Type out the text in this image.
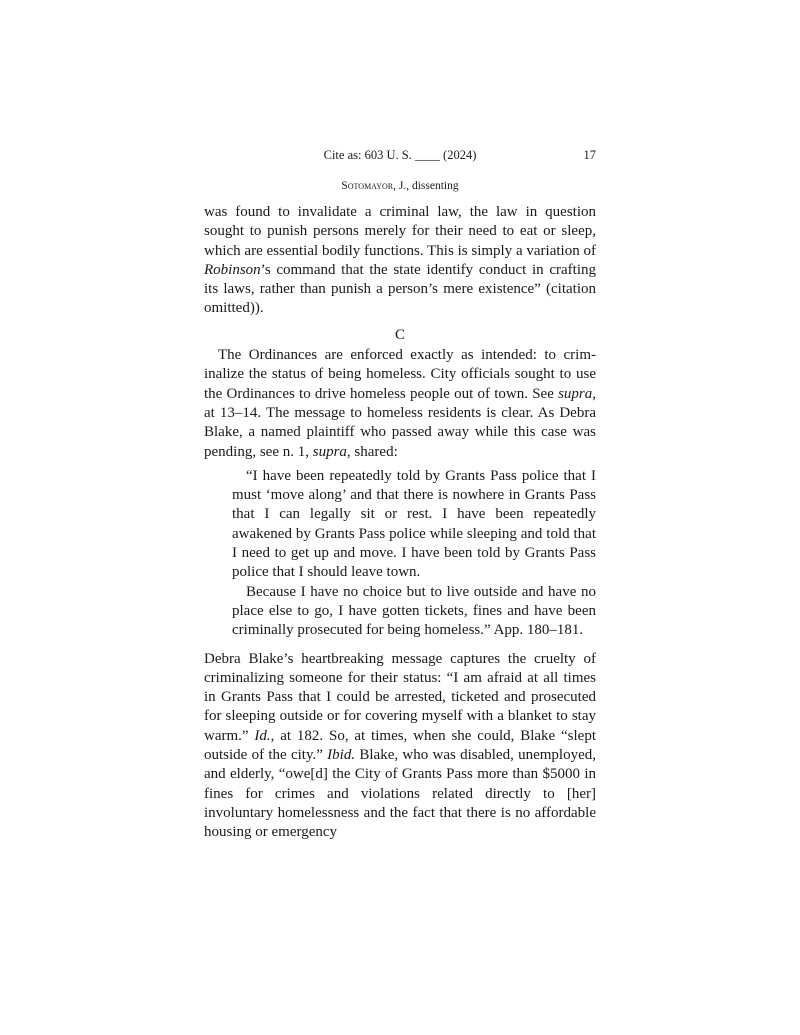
Cite as: 603 U. S. ____ (2024)	17
Sotomayor, J., dissenting

was found to invalidate a criminal law, the law in question sought to punish persons merely for their need to eat or sleep, which are essential bodily functions. This is simply a variation of Robinson’s command that the state identify conduct in crafting its laws, rather than punish a person’s mere existence” (citation omitted)).

C

The Ordinances are enforced exactly as intended: to criminalize the status of being homeless. City officials sought to use the Ordinances to drive homeless people out of town. See supra, at 13–14. The message to homeless residents is clear. As Debra Blake, a named plaintiff who passed away while this case was pending, see n. 1, supra, shared:

“I have been repeatedly told by Grants Pass police that I must ‘move along’ and that there is nowhere in Grants Pass that I can legally sit or rest. I have been repeatedly awakened by Grants Pass police while sleeping and told that I need to get up and move. I have been told by Grants Pass police that I should leave town.

Because I have no choice but to live outside and have no place else to go, I have gotten tickets, fines and have been criminally prosecuted for being homeless.” App. 180–181.

Debra Blake’s heartbreaking message captures the cruelty of criminalizing someone for their status: “I am afraid at all times in Grants Pass that I could be arrested, ticketed and prosecuted for sleeping outside or for covering myself with a blanket to stay warm.” Id., at 182. So, at times, when she could, Blake “slept outside of the city.” Ibid. Blake, who was disabled, unemployed, and elderly, “owe[d] the City of Grants Pass more than $5000 in fines for crimes and violations related directly to [her] involuntary homelessness and the fact that there is no affordable housing or emergency
